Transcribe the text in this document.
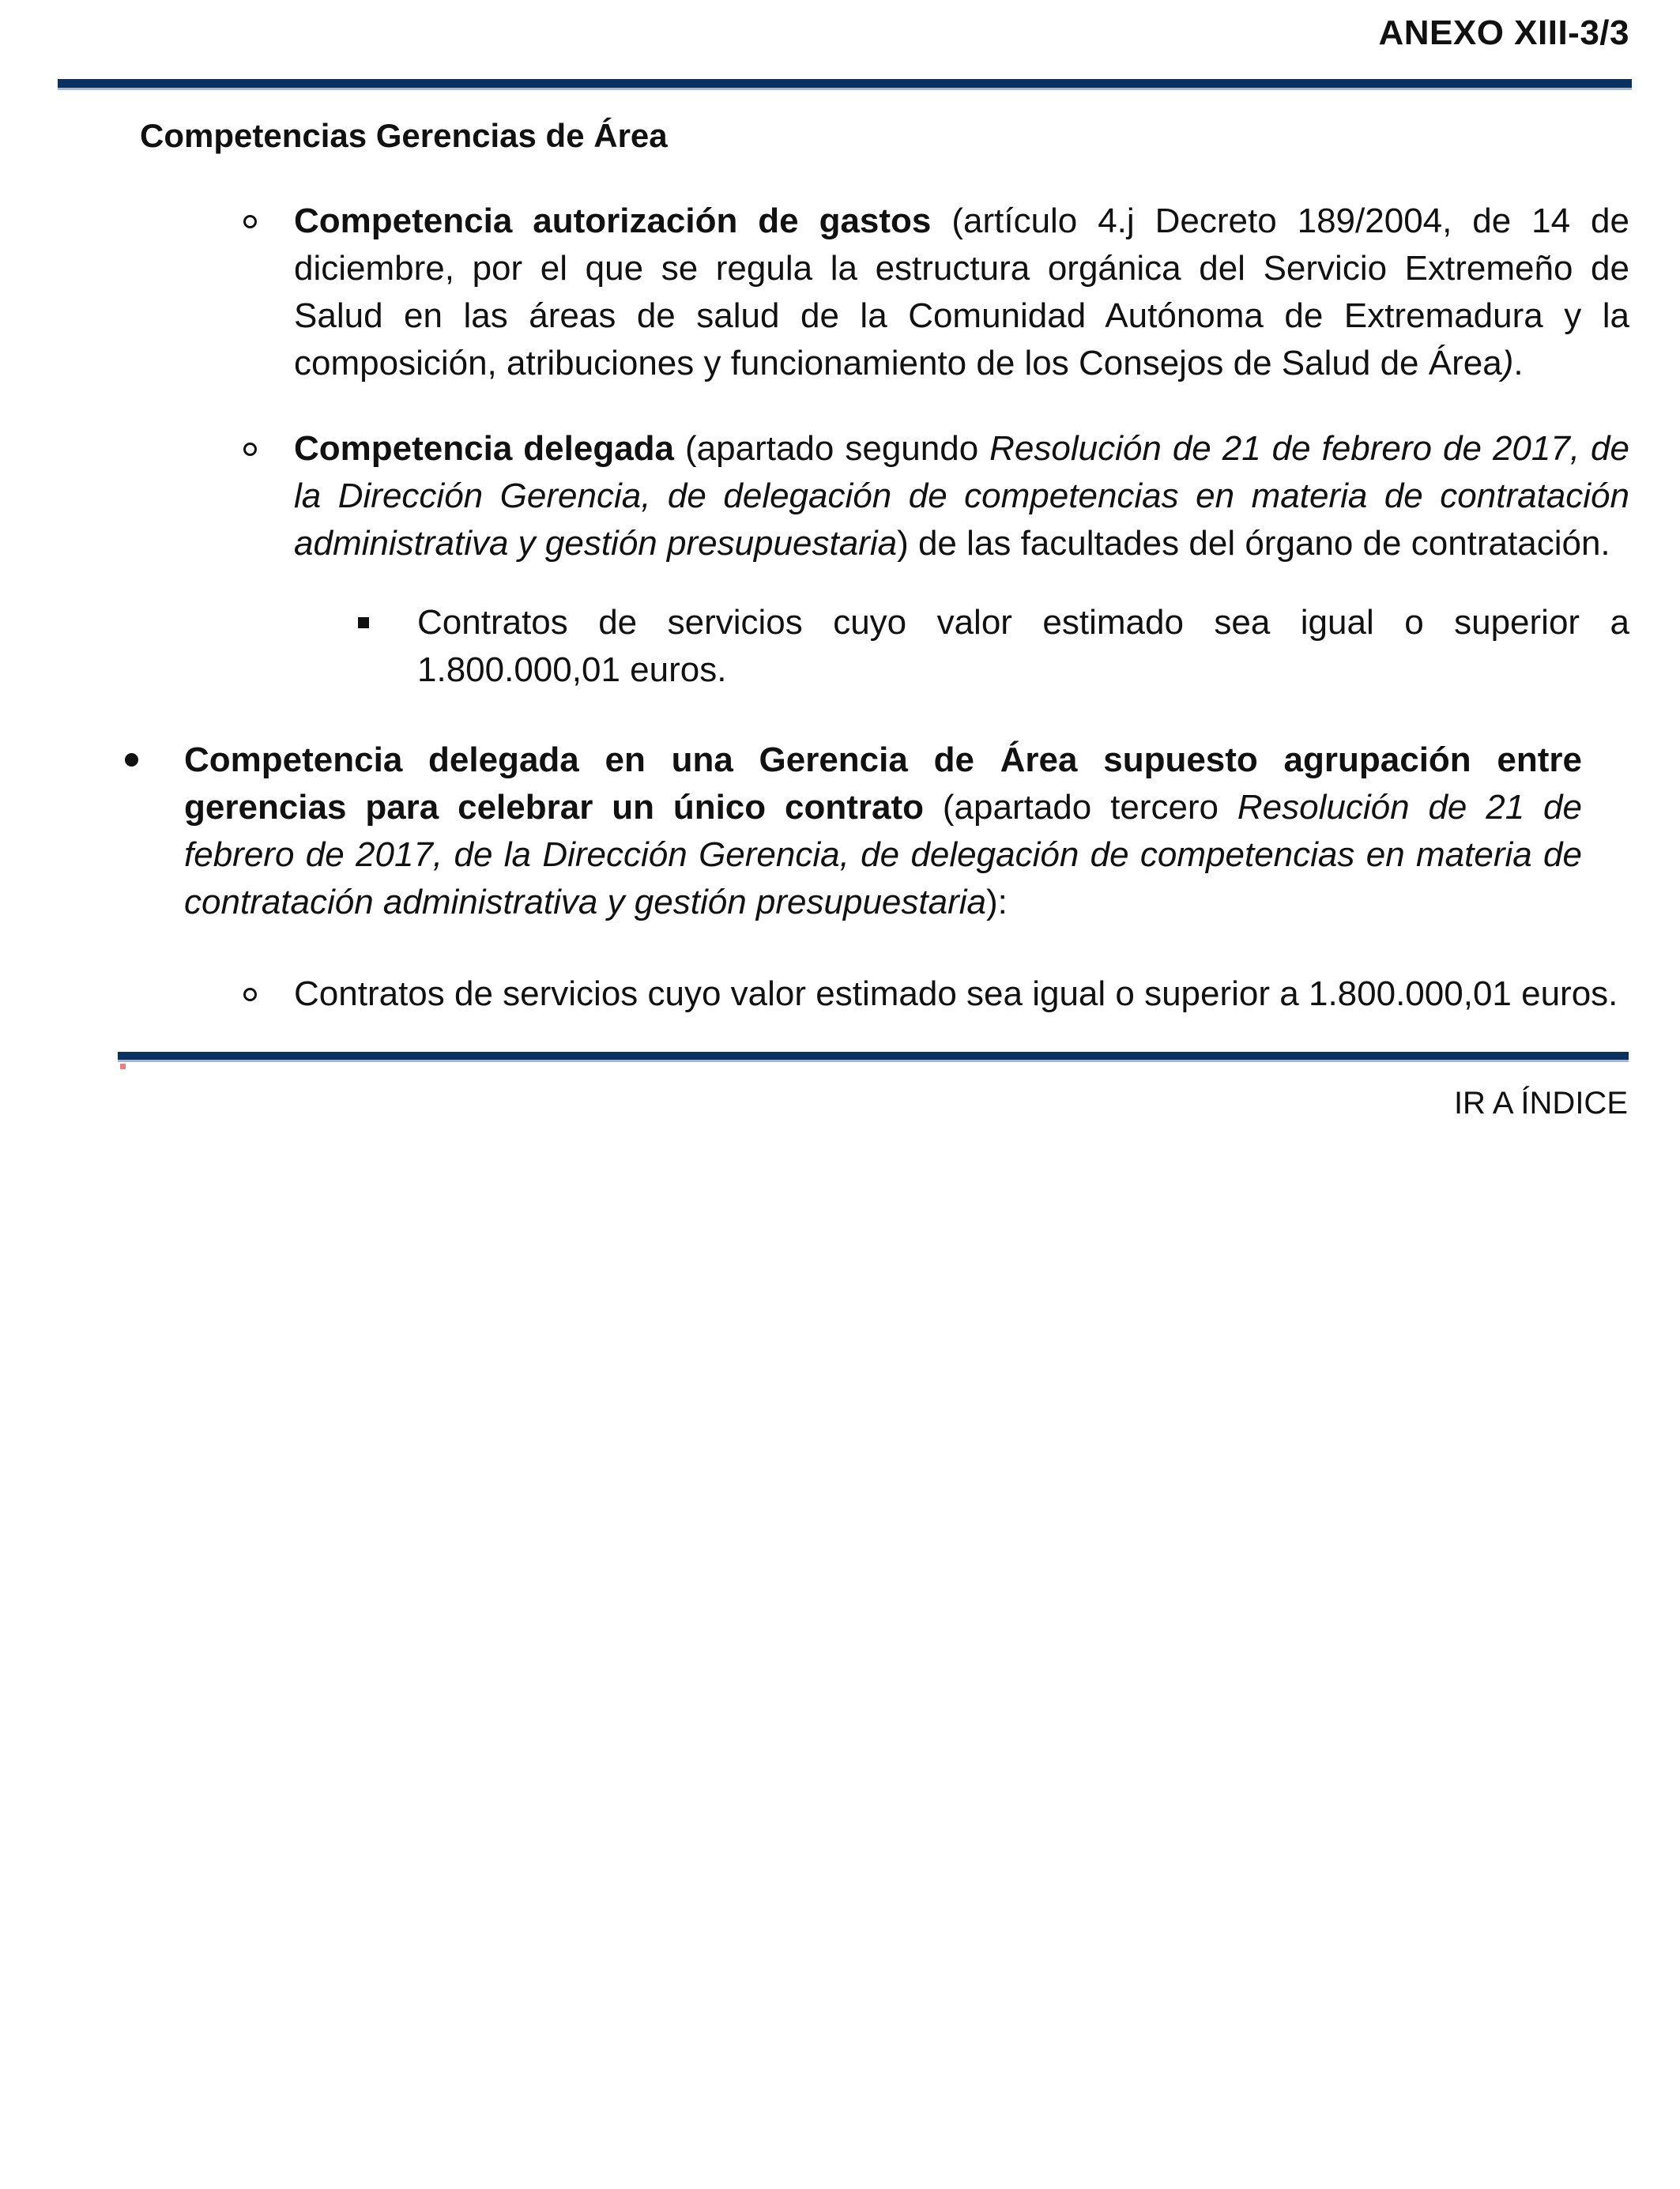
ANEXO XIII-3/3
Competencias Gerencias de Área
Competencia autorización de gastos (artículo 4.j Decreto 189/2004, de 14 de diciembre, por el que se regula la estructura orgánica del Servicio Extremeño de Salud en las áreas de salud de la Comunidad Autónoma de Extremadura y la composición, atribuciones y funcionamiento de los Consejos de Salud de Área).
Competencia delegada (apartado segundo Resolución de 21 de febrero de 2017, de la Dirección Gerencia, de delegación de competencias en materia de contratación administrativa y gestión presupuestaria) de las facultades del órgano de contratación.
Contratos de servicios cuyo valor estimado sea igual o superior a 1.800.000,01 euros.
Competencia delegada en una Gerencia de Área supuesto agrupación entre gerencias para celebrar un único contrato (apartado tercero Resolución de 21 de febrero de 2017, de la Dirección Gerencia, de delegación de competencias en materia de contratación administrativa y gestión presupuestaria):
Contratos de servicios cuyo valor estimado sea igual o superior a 1.800.000,01 euros.
IR A ÍNDICE
